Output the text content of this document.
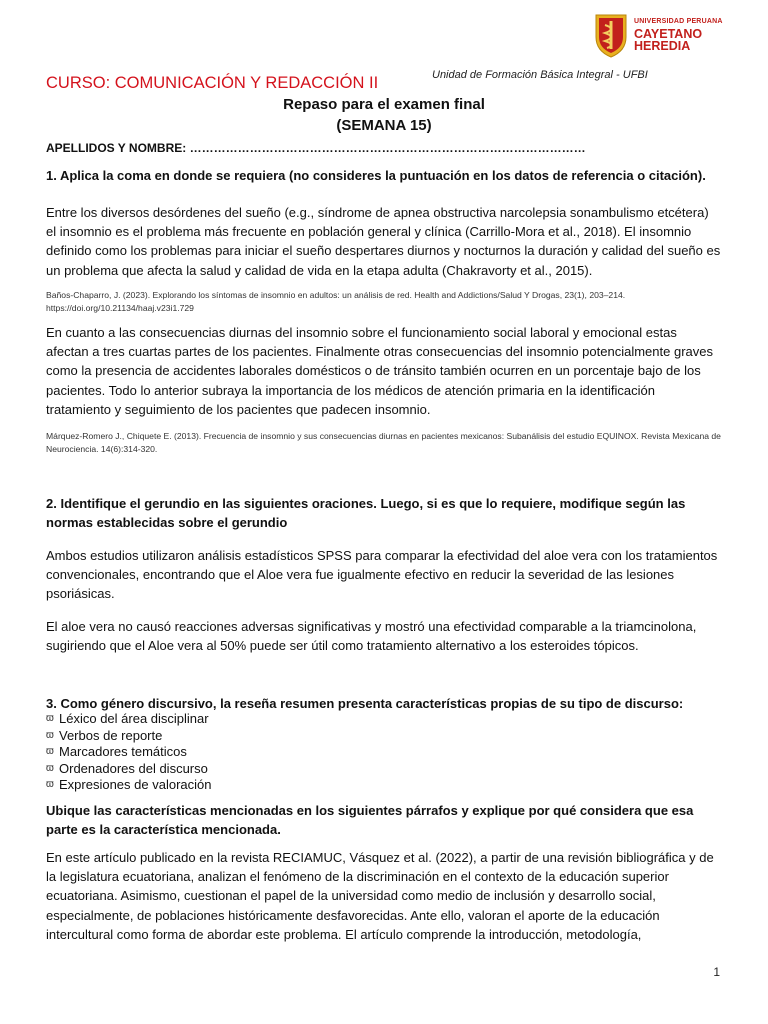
UNIVERSIDAD PERUANA
CAYETANO HEREDIA
Unidad de Formación Básica Integral - UFBI
CURSO: COMUNICACIÓN Y REDACCIÓN II
Repaso para el examen final
(SEMANA 15)
APELLIDOS Y NOMBRE: ………………………………………………………………………………………
1. Aplica la coma en donde se requiera (no consideres la puntuación en los datos de referencia o citación).
Entre los diversos desórdenes del sueño (e.g., síndrome de apnea obstructiva narcolepsia sonambulismo etcétera) el insomnio es el problema más frecuente en población general y clínica (Carrillo-Mora et al., 2018). El insomnio definido como los problemas para iniciar el sueño despertares diurnos y nocturnos la duración y calidad del sueño es un problema que afecta la salud y calidad de vida en la etapa adulta (Chakravorty et al., 2015).
Baños-Chaparro, J. (2023). Explorando los síntomas de insomnio en adultos: un análisis de red. Health and Addictions/Salud Y Drogas, 23(1), 203–214. https://doi.org/10.21134/haaj.v23i1.729
En cuanto a las consecuencias diurnas del insomnio sobre el funcionamiento social laboral y emocional estas afectan a tres cuartas partes de los pacientes. Finalmente otras consecuencias del insomnio potencialmente graves como la presencia de accidentes laborales domésticos o de tránsito también ocurren en un porcentaje bajo de los pacientes. Todo lo anterior subraya la importancia de los médicos de atención primaria en la identificación tratamiento y seguimiento de los pacientes que padecen insomnio.
Márquez-Romero J., Chiquete E. (2013). Frecuencia de insomnio y sus consecuencias diurnas en pacientes mexicanos: Subanálisis del estudio EQUINOX. Revista Mexicana de Neurociencia. 14(6):314-320.
2. Identifique el gerundio en las siguientes oraciones. Luego, si es que lo requiere, modifique según las normas establecidas sobre el gerundio
Ambos estudios utilizaron análisis estadísticos SPSS para comparar la efectividad del aloe vera con los tratamientos convencionales, encontrando que el Aloe vera fue igualmente efectivo en reducir la severidad de las lesiones psoriásicas.
El aloe vera no causó reacciones adversas significativas y mostró una efectividad comparable a la triamcinolona, sugiriendo que el Aloe vera al 50% puede ser útil como tratamiento alternativo a los esteroides tópicos.
3. Como género discursivo, la reseña resumen presenta características propias de su tipo de discurso:
ϖ Léxico del área disciplinar
ϖ Verbos de reporte
ϖ Marcadores temáticos
ϖ Ordenadores del discurso
ϖ Expresiones de valoración
Ubique las características mencionadas en los siguientes párrafos y explique por qué considera que esa parte es la característica mencionada.
En este artículo publicado en la revista RECIAMUC, Vásquez et al. (2022), a partir de una revisión bibliográfica y de la legislatura ecuatoriana, analizan el fenómeno de la discriminación en el contexto de la educación superior ecuatoriana. Asimismo, cuestionan el papel de la universidad como medio de inclusión y desarrollo social, especialmente, de poblaciones históricamente desfavorecidas. Ante ello, valoran el aporte de la educación intercultural como forma de abordar este problema. El artículo comprende la introducción, metodología,
1
